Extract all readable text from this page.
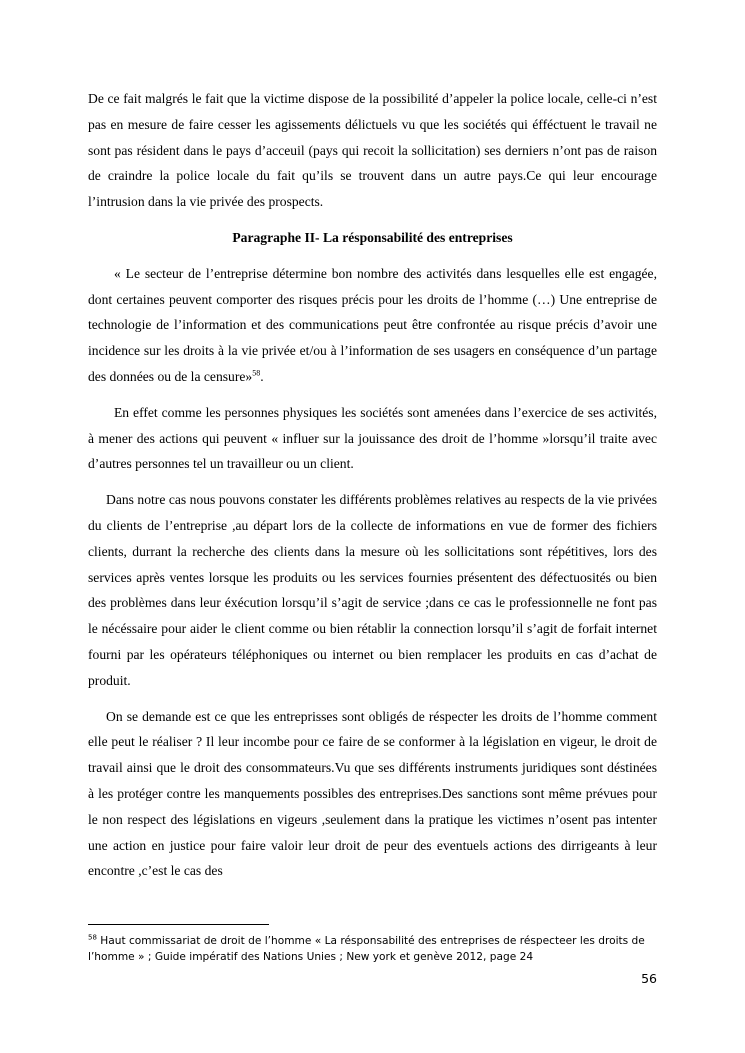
De ce fait malgrés le fait que la victime dispose de la possibilité d’appeler la police locale, celle-ci n’est pas en mesure de faire cesser les agissements délictuels vu que les sociétés qui éfféctuent le travail ne sont pas résident dans le pays d’acceuil (pays qui recoit la sollicitation) ses derniers n’ont pas de raison de craindre la police locale du fait qu’ils se trouvent dans un autre pays.Ce qui leur encourage l’intrusion dans la vie privée des prospects.

Paragraphe II- La résponsabilité des entreprises

« Le secteur de l’entreprise détermine bon nombre des activités dans lesquelles elle est engagée, dont certaines peuvent comporter des risques précis pour les droits de l’homme (…) Une entreprise de technologie de l’information et des communications peut être confrontée au risque précis d’avoir une incidence sur les droits à la vie privée et/ou à l’information de ses usagers en conséquence d’un partage des données ou de la censure»$^{58}$.

En effet comme les personnes physiques les sociétés sont amenées dans l’exercice de ses activités, à mener des actions qui peuvent « influer sur la jouissance des droit de l’homme »lorsqu’il traite avec d’autres personnes tel un travailleur ou un client.

Dans notre cas nous pouvons constater les différents problèmes relatives au respects de la vie privées du clients de l’entreprise ,au départ lors de la collecte de informations en vue de former des fichiers clients, durrant la recherche des clients dans la mesure où les sollicitations sont répétitives, lors des services après ventes lorsque les produits ou les services fournies présentent des défectuosités ou bien des problèmes dans leur éxécution lorsqu’il s’agit de service ;dans ce cas le professionnelle ne font pas le nécéssaire pour aider le client comme ou bien rétablir la connection lorsqu’il s’agit de forfait internet fourni par les opérateurs téléphoniques ou internet ou bien remplacer les produits en cas d’achat de produit.

On se demande est ce que les entreprisses sont obligés de réspecter les droits de l’homme comment elle peut le réaliser ? Il leur incombe pour ce faire de se conformer à la législation en vigeur, le droit de travail ainsi que le droit des consommateurs.Vu que ses différents instruments juridiques sont déstinées à les protéger contre les manquements possibles des entreprises.Des sanctions sont même prévues pour le non respect des législations en vigeurs ,seulement dans la pratique les victimes n’osent pas intenter une action en justice pour faire valoir leur droit de peur des eventuels actions des dirrigeants à leur encontre ,c’est le cas des

$^{58}$ Haut commissariat de droit de l’homme « La résponsabilité des entreprises de réspecteer les droits de l’homme » ; Guide impératif des Nations Unies ; New york et genève 2012, page 24
56
